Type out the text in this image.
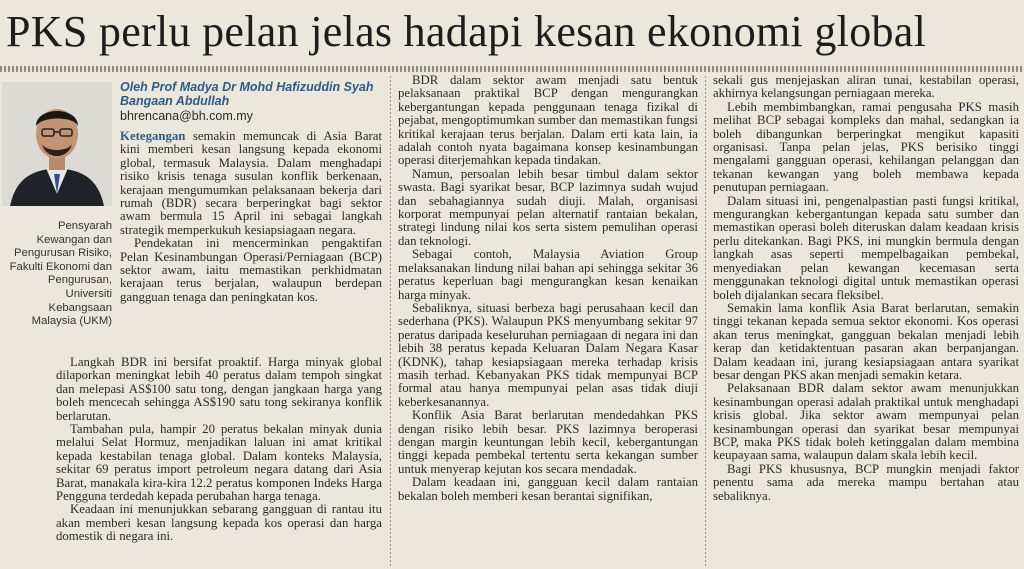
PKS perlu pelan jelas hadapi kesan ekonomi global
Pensyarah Kewangan dan Pengurusan Risiko, Fakulti Ekonomi dan Pengurusan, Universiti Kebangsaan Malaysia (UKM)
Oleh Prof Madya Dr Mohd Hafizuddin Syah Bangaan Abdullah
bhrencana@bh.com.my

Ketegangan semakin memuncak di Asia Barat kini memberi kesan langsung kepada ekonomi global, termasuk Malaysia. Dalam menghadapi risiko krisis tenaga susulan konflik berkenaan, kerajaan mengumumkan pelaksanaan bekerja dari rumah (BDR) secara berperingkat bagi sektor awam bermula 15 April ini sebagai langkah strategik memperkukuh kesiapsiagaan negara.

Pendekatan ini mencerminkan pengaktifan Pelan Kesinambungan Operasi/Perniagaan (BCP) sektor awam, iaitu memastikan perkhidmatan kerajaan terus berjalan, walaupun berdepan gangguan tenaga dan peningkatan kos.

Langkah BDR ini bersifat proaktif. Harga minyak global dilaporkan meningkat lebih 40 peratus dalam tempoh singkat dan melepasi AS$100 satu tong, dengan jangkaan harga yang boleh mencecah sehingga AS$190 satu tong sekiranya konflik berlarutan.

Tambahan pula, hampir 20 peratus bekalan minyak dunia melalui Selat Hormuz, menjadikan laluan ini amat kritikal kepada kestabilan tenaga global. Dalam konteks Malaysia, sekitar 69 peratus import petroleum negara datang dari Asia Barat, manakala kira-kira 12.2 peratus komponen Indeks Harga Pengguna terdedah kepada perubahan harga tenaga.

Keadaan ini menunjukkan sebarang gangguan di rantau itu akan memberi kesan langsung kepada kos operasi dan harga domestik di negara ini.

BDR dalam sektor awam menjadi satu bentuk pelaksanaan praktikal BCP dengan mengurangkan kebergantungan kepada penggunaan tenaga fizikal di pejabat, mengoptimumkan sumber dan memastikan fungsi kritikal kerajaan terus berjalan. Dalam erti kata lain, ia adalah contoh nyata bagaimana konsep kesinambungan operasi diterjemahkan kepada tindakan.

Namun, persoalan lebih besar timbul dalam sektor swasta. Bagi syarikat besar, BCP lazimnya sudah wujud dan sebahagiannya sudah diuji. Malah, organisasi korporat mempunyai pelan alternatif rantaian bekalan, strategi lindung nilai kos serta sistem pemulihan operasi dan teknologi.

Sebagai contoh, Malaysia Aviation Group melaksanakan lindung nilai bahan api sehingga sekitar 36 peratus keperluan bagi mengurangkan kesan kenaikan harga minyak.

Sebaliknya, situasi berbeza bagi perusahaan kecil dan sederhana (PKS). Walaupun PKS menyumbang sekitar 97 peratus daripada keseluruhan perniagaan di negara ini dan lebih 38 peratus kepada Keluaran Dalam Negara Kasar (KDNK), tahap kesiapsiagaan mereka terhadap krisis masih terhad. Kebanyakan PKS tidak mempunyai BCP formal atau hanya mempunyai pelan asas tidak diuji keberkesanannya.

Konflik Asia Barat berlarutan mendedahkan PKS dengan risiko lebih besar. PKS lazimnya beroperasi dengan margin keuntungan lebih kecil, kebergantungan tinggi kepada pembekal tertentu serta kekangan sumber untuk menyerap kejutan kos secara mendadak.

Dalam keadaan ini, gangguan kecil dalam rantaian bekalan boleh memberi kesan berantai signifikan,

sekali gus menjejaskan aliran tunai, kestabilan operasi, akhirnya kelangsungan perniagaan mereka.

Lebih membimbangkan, ramai pengusaha PKS masih melihat BCP sebagai kompleks dan mahal, sedangkan ia boleh dibangunkan berperingkat mengikut kapasiti organisasi. Tanpa pelan jelas, PKS berisiko tinggi mengalami gangguan operasi, kehilangan pelanggan dan tekanan kewangan yang boleh membawa kepada penutupan perniagaan.

Dalam situasi ini, pengenalpastian pasti fungsi kritikal, mengurangkan kebergantungan kepada satu sumber dan memastikan operasi boleh diteruskan dalam keadaan krisis perlu ditekankan. Bagi PKS, ini mungkin bermula dengan langkah asas seperti mempelbagaikan pembekal, menyediakan pelan kewangan kecemasan serta menggunakan teknologi digital untuk memastikan operasi boleh dijalankan secara fleksibel.

Semakin lama konflik Asia Barat berlarutan, semakin tinggi tekanan kepada semua sektor ekonomi. Kos operasi akan terus meningkat, gangguan bekalan menjadi lebih kerap dan ketidaktentuan pasaran akan berpanjangan. Dalam keadaan ini, jurang kesiapsiagaan antara syarikat besar dengan PKS akan menjadi semakin ketara.

Pelaksanaan BDR dalam sektor awam menunjukkan kesinambungan operasi adalah praktikal untuk menghadapi krisis global. Jika sektor awam mempunyai pelan kesinambungan operasi dan syarikat besar mempunyai BCP, maka PKS tidak boleh ketinggalan dalam membina keupayaan sama, walaupun dalam skala lebih kecil.

Bagi PKS khususnya, BCP mungkin menjadi faktor penentu sama ada mereka mampu bertahan atau sebaliknya.
